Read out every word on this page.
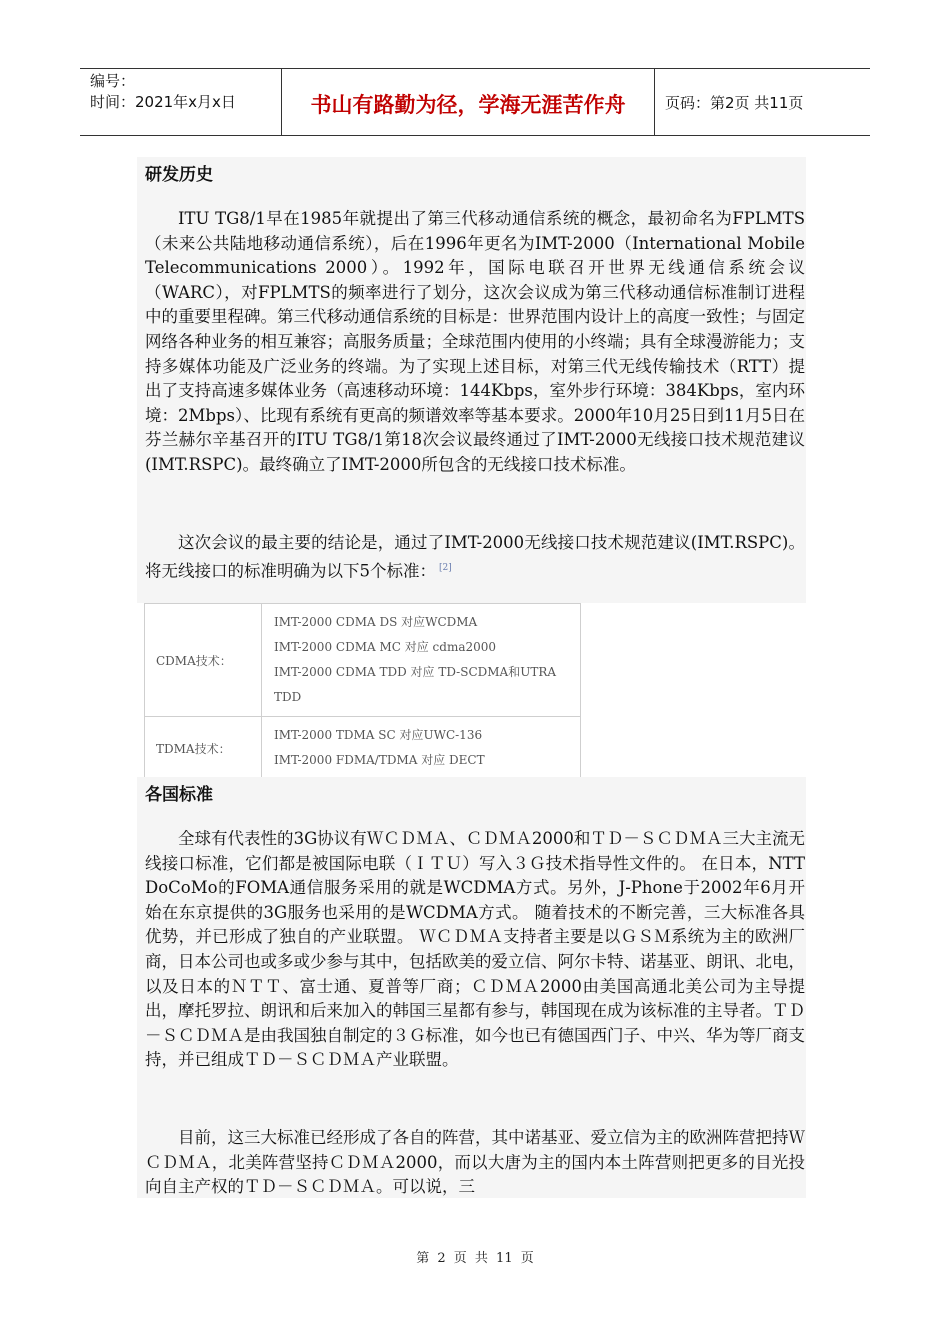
编号：
时间：2021年x月x日	书山有路勤为径，学海无涯苦作舟	页码：第2页 共11页
研发历史

ITU TG8/1早在1985年就提出了第三代移动通信系统的概念，最初命名为FPLMTS（未来公共陆地移动通信系统），后在1996年更名为IMT-2000（International Mobile Telecommunications 2000）。1992年，国际电联召开世界无线通信系统会议（WARC），对FPLMTS的频率进行了划分，这次会议成为第三代移动通信标准制订进程中的重要里程碑。第三代移动通信系统的目标是：世界范围内设计上的高度一致性；与固定网络各种业务的相互兼容；高服务质量；全球范围内使用的小终端；具有全球漫游能力；支持多媒体功能及广泛业务的终端。为了实现上述目标，对第三代无线传输技术（RTT）提出了支持高速多媒体业务（高速移动环境：144Kbps，室外步行环境：384Kbps，室内环境：2Mbps）、比现有系统有更高的频谱效率等基本要求。2000年10月25日到11月5日在芬兰赫尔辛基召开的ITU TG8/1第18次会议最终通过了IMT-2000无线接口技术规范建议(IMT.RSPC)。最终确立了IMT-2000所包含的无线接口技术标准。

这次会议的最主要的结论是，通过了IMT-2000无线接口技术规范建议(IMT.RSPC)。将无线接口的标准明确为以下5个标准： [2]

CDMA技术：	IMT-2000 CDMA DS 对应WCDMA
IMT-2000 CDMA MC 对应 cdma2000
IMT-2000 CDMA TDD 对应 TD-SCDMA和UTRA TDD

TDMA技术：	IMT-2000 TDMA SC 对应UWC-136
IMT-2000 FDMA/TDMA 对应 DECT
各国标准

全球有代表性的3G协议有ＷＣＤＭＡ、ＣＤＭＡ2000和ＴＤ－ＳＣＤＭＡ三大主流无线接口标准，它们都是被国际电联（ＩＴＵ）写入３Ｇ技术指导性文件的。 在日本，NTT DoCoMo的FOMA通信服务采用的就是WCDMA方式。另外，J-Phone于2002年6月开始在东京提供的3G服务也采用的是WCDMA方式。 随着技术的不断完善，三大标准各具优势，并已形成了独自的产业联盟。 ＷＣＤＭＡ支持者主要是以ＧＳＭ系统为主的欧洲厂商，日本公司也或多或少参与其中，包括欧美的爱立信、阿尔卡特、诺基亚、朗讯、北电，以及日本的ＮＴＴ、富士通、夏普等厂商；ＣＤＭＡ2000由美国高通北美公司为主导提出，摩托罗拉、朗讯和后来加入的韩国三星都有参与，韩国现在成为该标准的主导者。ＴＤ－ＳＣＤＭＡ是由我国独自制定的３Ｇ标准，如今也已有德国西门子、中兴、华为等厂商支持，并已组成ＴＤ－ＳＣＤＭＡ产业联盟。

目前，这三大标准已经形成了各自的阵营，其中诺基亚、爱立信为主的欧洲阵营把持ＷＣＤＭＡ，北美阵营坚持ＣＤＭＡ2000，而以大唐为主的国内本土阵营则把更多的目光投向自主产权的ＴＤ－ＳＣＤＭＡ。可以说，三

第 2 页 共 11 页
